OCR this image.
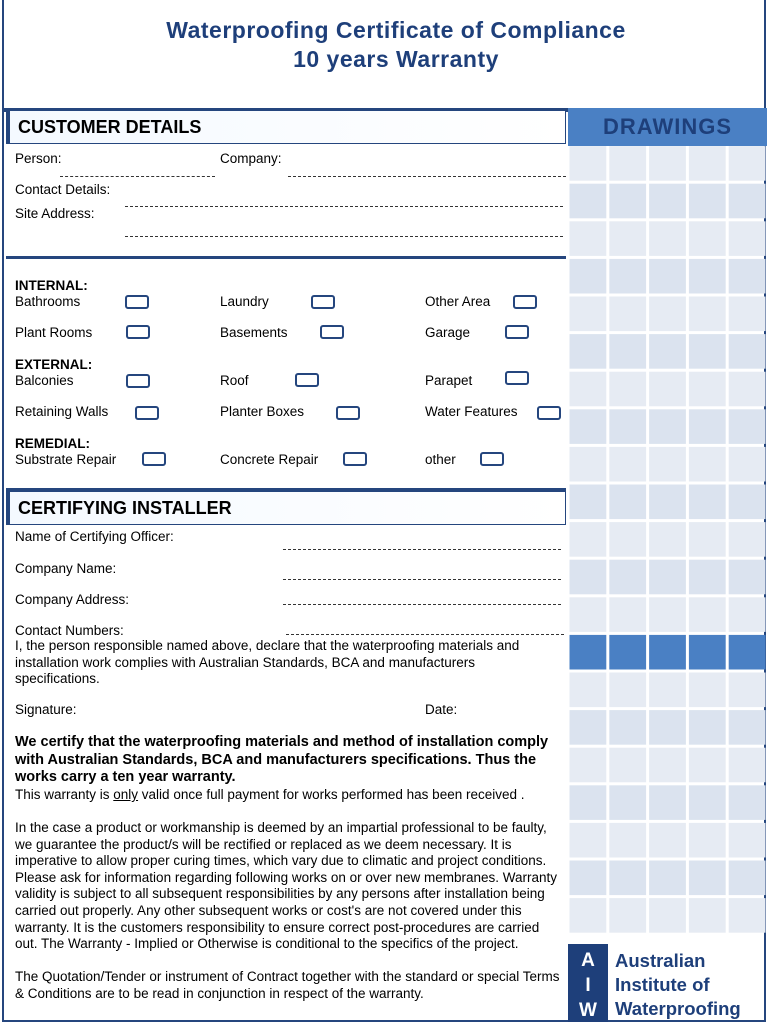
Waterproofing Certificate of Compliance
10 years Warranty
CUSTOMER DETAILS
Person:	Company:
Contact Details:
Site Address:
INTERNAL:
Bathrooms	Laundry	Other Area
Plant Rooms	Basements	Garage
EXTERNAL:
Balconies	Roof	Parapet
Retaining Walls	Planter Boxes	Water Features
REMEDIAL:
Substrate Repair	Concrete Repair	other
CERTIFYING INSTALLER
Name of Certifying Officer:
Company Name:
Company Address:
Contact Numbers:
I, the person responsible named above, declare that the waterproofing materials and installation work complies with Australian Standards, BCA and manufacturers specifications.
Signature:	Date:
We certify that the waterproofing materials and method of installation comply with Australian Standards, BCA and manufacturers specifications. Thus the works carry a ten year warranty.
This warranty is only valid once full payment for works performed has been received .
In the case a product or workmanship is deemed by an impartial professional to be faulty, we guarantee the product/s will be rectified or replaced as we deem necessary. It is imperative to allow proper curing times, which vary due to climatic and project conditions. Please ask for information regarding following works on or over new membranes. Warranty validity is subject to all subsequent responsibilities by any persons after installation being carried out properly. Any other subsequent works or cost's are not covered under this warranty. It is the customers responsibility to ensure correct post-procedures are carried out. The Warranty - Implied or Otherwise is conditional to the specifics of the project.
The Quotation/Tender or instrument of Contract together with the standard or special Terms & Conditions are to be read in conjunction in respect of the warranty.
DRAWINGS
A
I
W
Australian
Institute of
Waterproofing
